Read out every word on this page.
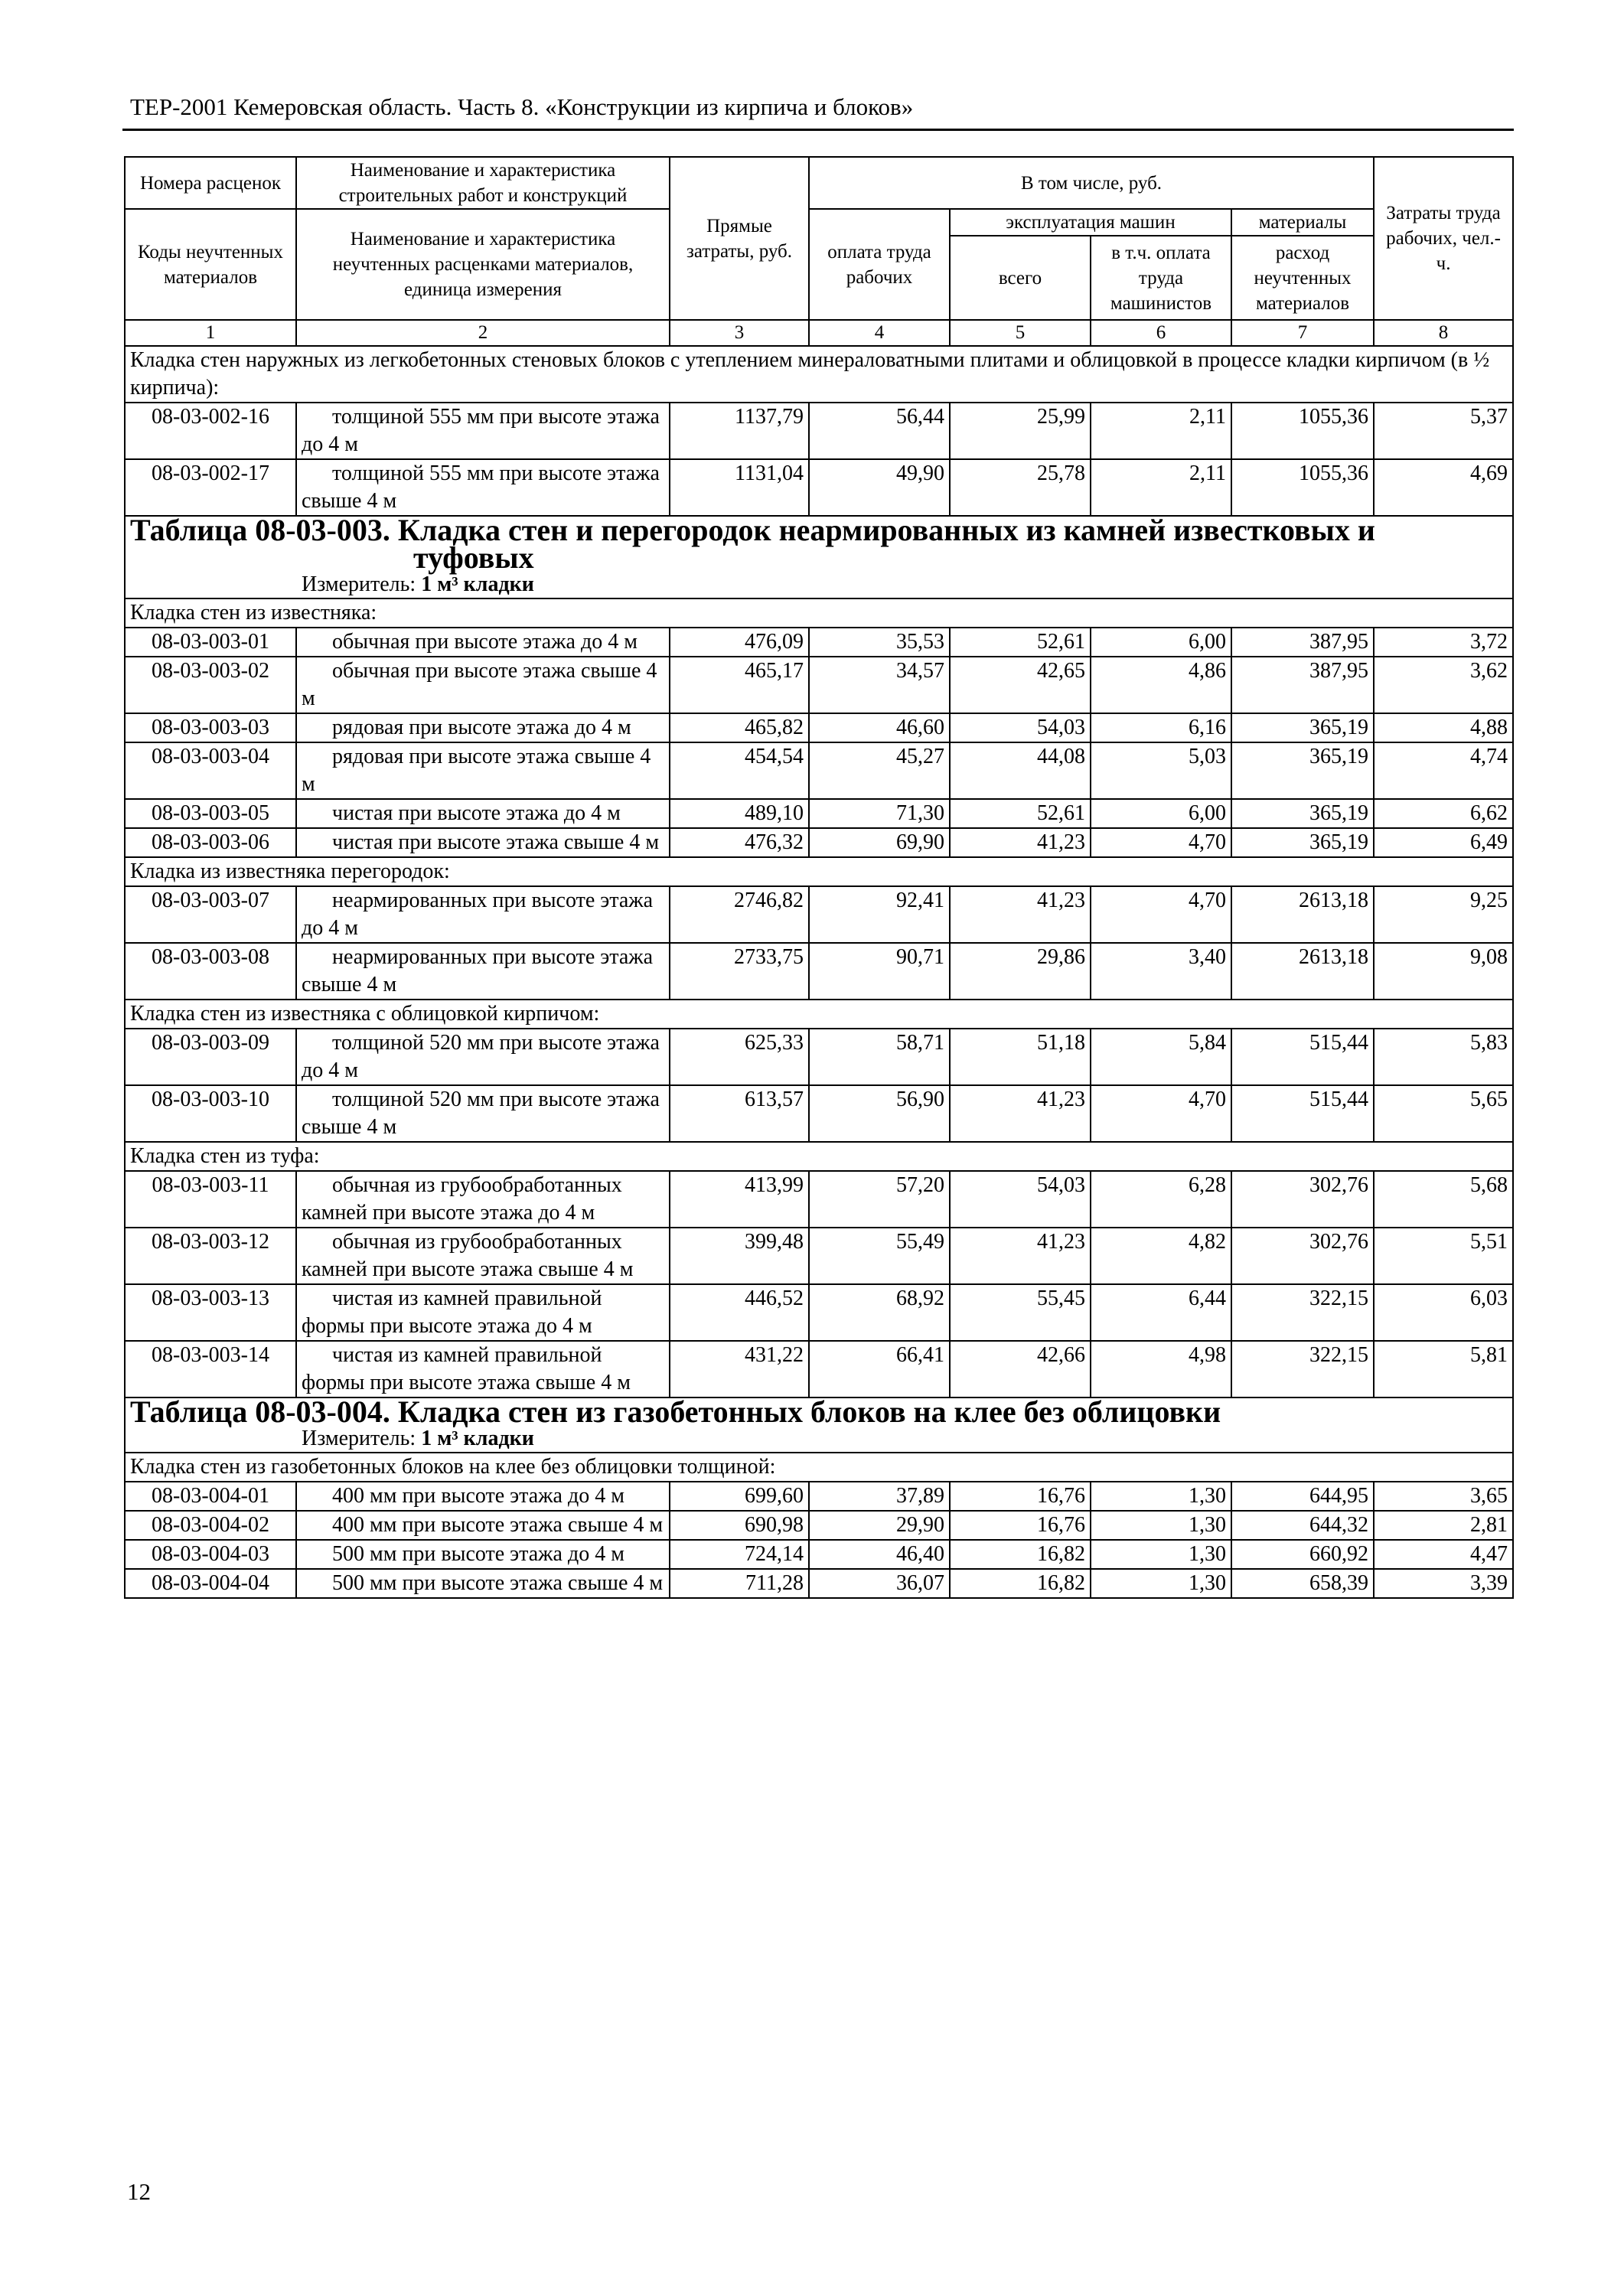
ТЕР-2001 Кемеровская область. Часть 8. «Конструкции из кирпича и блоков»
Номера расценок	Наименование и характеристика строительных работ и конструкций	Прямые затраты, руб.	В том числе, руб.				Затраты труда рабочих, чел.-ч.
Коды неучтенных материалов	Наименование и характеристика неучтенных расценками материалов, единица измерения		оплата труда рабочих	эксплуатация машин		материалы	
				всего	в т.ч. оплата труда машинистов	расход неучтенных материалов	
1	2	3	4	5	6	7	8
Кладка стен наружных из легкобетонных стеновых блоков с утеплением минераловатными плитами и облицовкой в процессе кладки кирпичом (в ½ кирпича):							
08-03-002-16	толщиной 555 мм при высоте этажа до 4 м	1137,79	56,44	25,99	2,11	1055,36	5,37
08-03-002-17	толщиной 555 мм при высоте этажа свыше 4 м	1131,04	49,90	25,78	2,11	1055,36	4,69

Таблица 08-03-003. Кладка стен и перегородок неармированных из камней известковых и
туфовых
Измеритель: 1 м³ кладки							

Кладка стен из известняка:							
08-03-003-01	обычная при высоте этажа до 4 м	476,09	35,53	52,61	6,00	387,95	3,72
08-03-003-02	обычная при высоте этажа свыше 4 м	465,17	34,57	42,65	4,86	387,95	3,62
08-03-003-03	рядовая при высоте этажа до 4 м	465,82	46,60	54,03	6,16	365,19	4,88
08-03-003-04	рядовая при высоте этажа свыше 4 м	454,54	45,27	44,08	5,03	365,19	4,74
08-03-003-05	чистая при высоте этажа до 4 м	489,10	71,30	52,61	6,00	365,19	6,62
08-03-003-06	чистая при высоте этажа свыше 4 м	476,32	69,90	41,23	4,70	365,19	6,49
Кладка из известняка перегородок:							
08-03-003-07	неармированных при высоте этажа до 4 м	2746,82	92,41	41,23	4,70	2613,18	9,25
08-03-003-08	неармированных при высоте этажа свыше 4 м	2733,75	90,71	29,86	3,40	2613,18	9,08
Кладка стен из известняка с облицовкой кирпичом:							
08-03-003-09	толщиной 520 мм при высоте этажа до 4 м	625,33	58,71	51,18	5,84	515,44	5,83
08-03-003-10	толщиной 520 мм при высоте этажа свыше 4 м	613,57	56,90	41,23	4,70	515,44	5,65
Кладка стен из туфа:							
08-03-003-11	обычная из грубообработанных камней при высоте этажа до 4 м	413,99	57,20	54,03	6,28	302,76	5,68
08-03-003-12	обычная из грубообработанных камней при высоте этажа свыше 4 м	399,48	55,49	41,23	4,82	302,76	5,51
08-03-003-13	чистая из камней правильной формы при высоте этажа до 4 м	446,52	68,92	55,45	6,44	322,15	6,03
08-03-003-14	чистая из камней правильной формы при высоте этажа свыше 4 м	431,22	66,41	42,66	4,98	322,15	5,81

Таблица 08-03-004. Кладка стен из газобетонных блоков на клее без облицовки
Измеритель: 1 м³ кладки							

Кладка стен из газобетонных блоков на клее без облицовки толщиной:							
08-03-004-01	400 мм при высоте этажа до 4 м	699,60	37,89	16,76	1,30	644,95	3,65
08-03-004-02	400 мм при высоте этажа свыше 4 м	690,98	29,90	16,76	1,30	644,32	2,81
08-03-004-03	500 мм при высоте этажа до 4 м	724,14	46,40	16,82	1,30	660,92	4,47
08-03-004-04	500 мм при высоте этажа свыше 4 м	711,28	36,07	16,82	1,30	658,39	3,39
12
